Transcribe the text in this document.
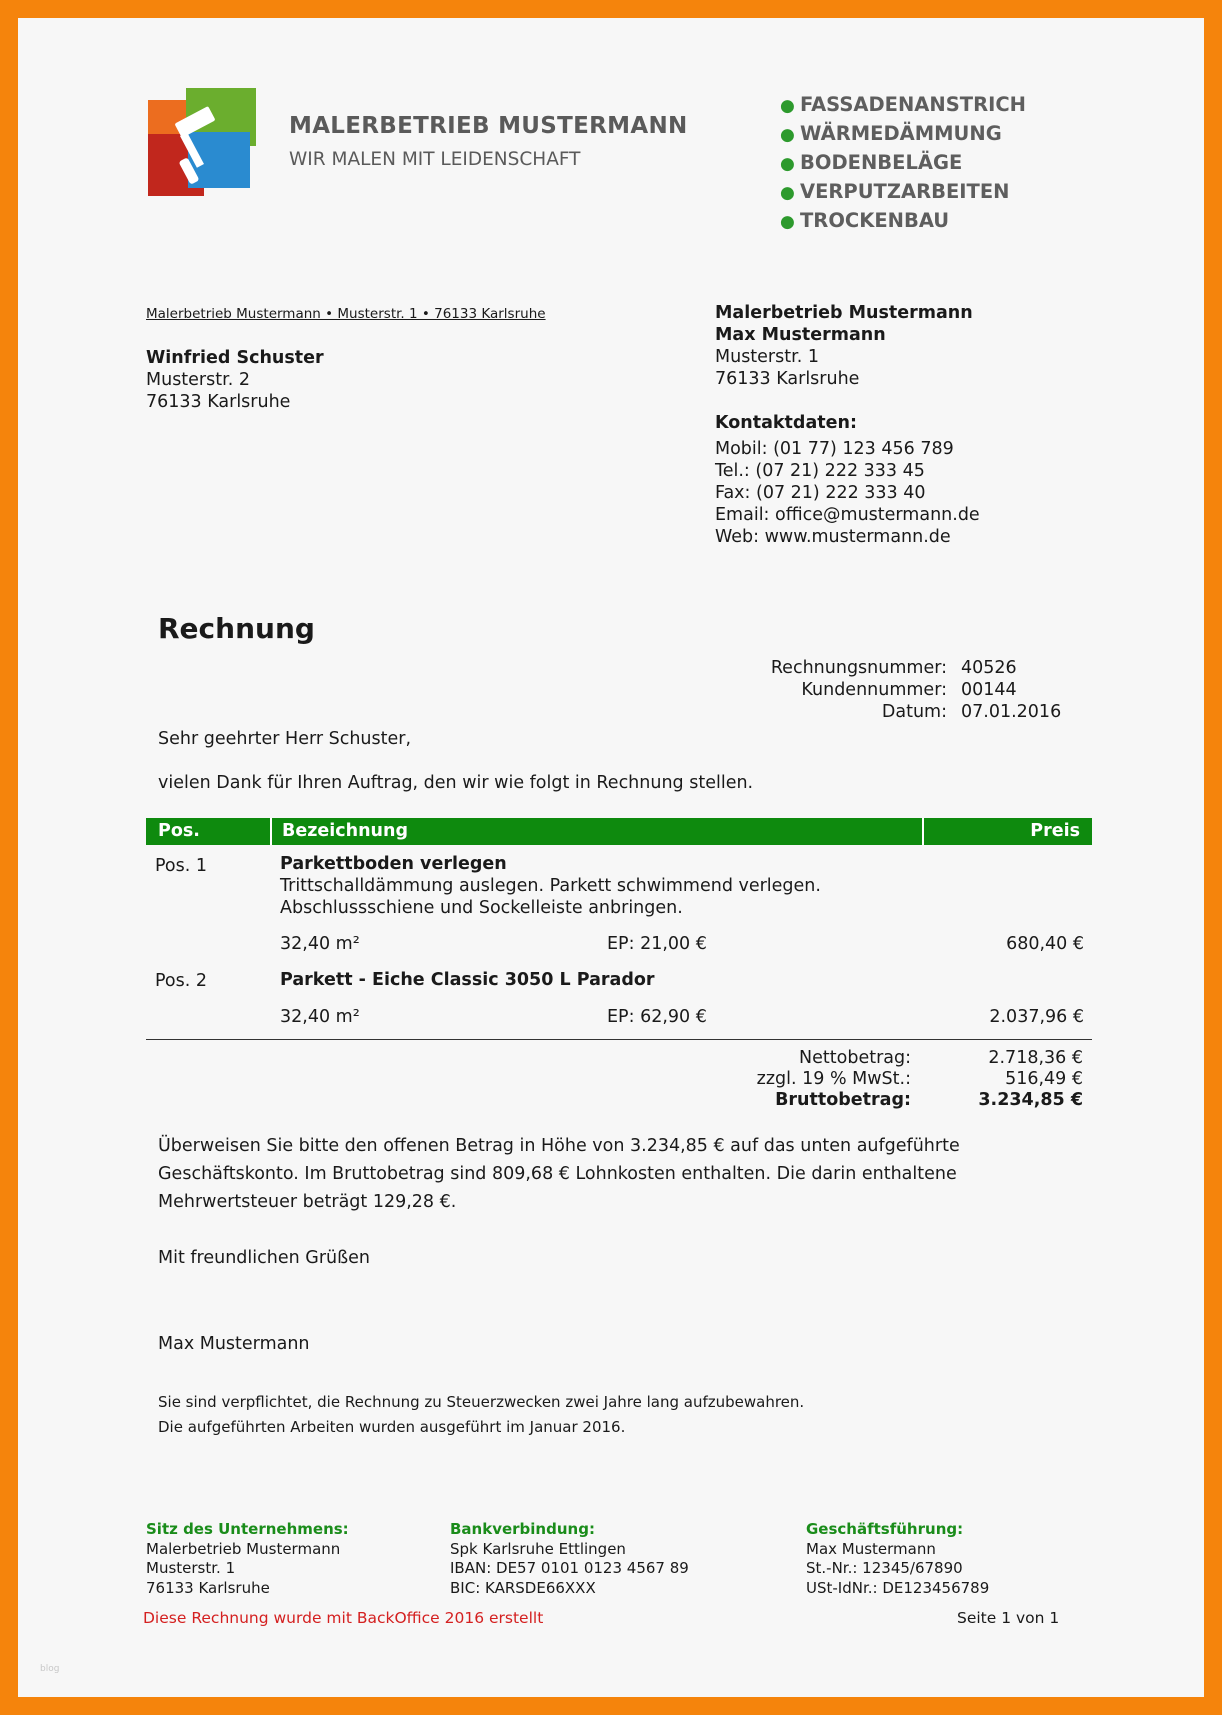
MALERBETRIEB MUSTERMANN
WIR MALEN MIT LEIDENSCHAFT
● FASSADENANSTRICH
● WÄRMEDÄMMUNG
● BODENBELÄGE
● VERPUTZARBEITEN
● TROCKENBAU
Malerbetrieb Mustermann • Musterstr. 1 • 76133 Karlsruhe
Winfried Schuster
Musterstr. 2
76133 Karlsruhe
Malerbetrieb Mustermann
Max Mustermann
Musterstr. 1
76133 Karlsruhe
Kontaktdaten:
Mobil: (01 77) 123 456 789
Tel.: (07 21) 222 333 45
Fax: (07 21) 222 333 40
Email: office@mustermann.de
Web: www.mustermann.de
Rechnung
Rechnungsnummer:	40526
Kundennummer:	00144
Datum:	07.01.2016
Sehr geehrter Herr Schuster,
vielen Dank für Ihren Auftrag, den wir wie folgt in Rechnung stellen.
Pos.	Bezeichnung	Preis
Pos. 1	Parkettboden verlegen
Trittschalldämmung auslegen. Parkett schwimmend verlegen.
Abschlussschiene und Sockelleiste anbringen.
32,40 m²	EP: 21,00 €	680,40 €
Pos. 2	Parkett - Eiche Classic 3050 L Parador
32,40 m²	EP: 62,90 €	2.037,96 €
Nettobetrag:	2.718,36 €
zzgl. 19 % MwSt.:	516,49 €
Bruttobetrag:	3.234,85 €
Überweisen Sie bitte den offenen Betrag in Höhe von 3.234,85 € auf das unten aufgeführte
Geschäftskonto. Im Bruttobetrag sind 809,68 € Lohnkosten enthalten. Die darin enthaltene
Mehrwertsteuer beträgt 129,28 €.
Mit freundlichen Grüßen
Max Mustermann
Sie sind verpflichtet, die Rechnung zu Steuerzwecken zwei Jahre lang aufzubewahren.
Die aufgeführten Arbeiten wurden ausgeführt im Januar 2016.
Sitz des Unternehmens:
Malerbetrieb Mustermann
Musterstr. 1
76133 Karlsruhe
Bankverbindung:
Spk Karlsruhe Ettlingen
IBAN: DE57 0101 0123 4567 89
BIC: KARSDE66XXX
Geschäftsführung:
Max Mustermann
St.-Nr.: 12345/67890
USt-IdNr.: DE123456789
Diese Rechnung wurde mit BackOffice 2016 erstellt	Seite 1 von 1
blog
